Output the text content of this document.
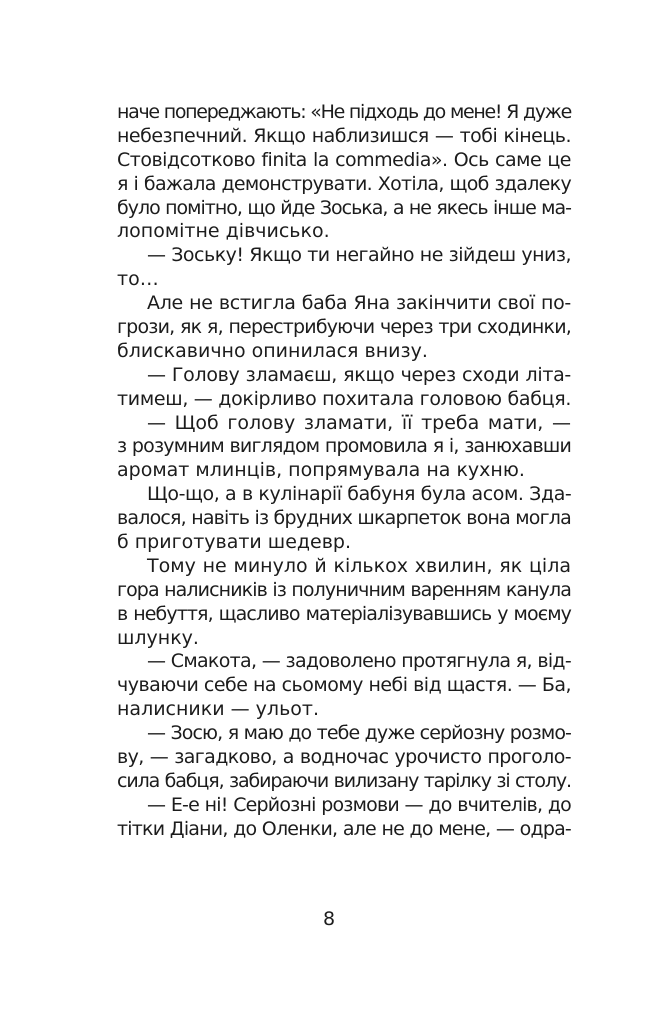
наче попереджають: «Не підходь до мене! Я дуже
небезпечний. Якщо наблизишся — тобі кінець.
Стовідсотково finita la commedia». Ось саме це
я і бажала демонструвати. Хотіла, щоб здалеку
було помітно, що йде Зоська, а не якесь інше ма-
лопомітне дівчисько.
— Зоську! Якщо ти негайно не зійдеш униз,
то…
Але не встигла баба Яна закінчити свої по-
грози, як я, перестрибуючи через три сходинки,
блискавично опинилася внизу.
— Голову зламаєш, якщо через сходи літа-
тимеш, — докірливо похитала головою бабця.
— Щоб голову зламати, її треба мати, —
з розумним виглядом промовила я і, занюхавши
аромат млинців, попрямувала на кухню.
Що-що, а в кулінарії бабуня була асом. Зда-
валося, навіть із брудних шкарпеток вона могла
б приготувати шедевр.
Тому не минуло й кількох хвилин, як ціла
гора налисників із полуничним варенням канула
в небуття, щасливо матеріалізувавшись у моєму
шлунку.
— Смакота, — задоволено протягнула я, від-
чуваючи себе на сьомому небі від щастя. — Ба,
налисники — ульот.
— Зосю, я маю до тебе дуже серйозну розмо-
ву, — загадково, а водночас урочисто проголо-
сила бабця, забираючи вилизану тарілку зі столу.
— Е-е ні! Серйозні розмови — до вчителів, до
тітки Діани, до Оленки, але не до мене, — одра-
8
